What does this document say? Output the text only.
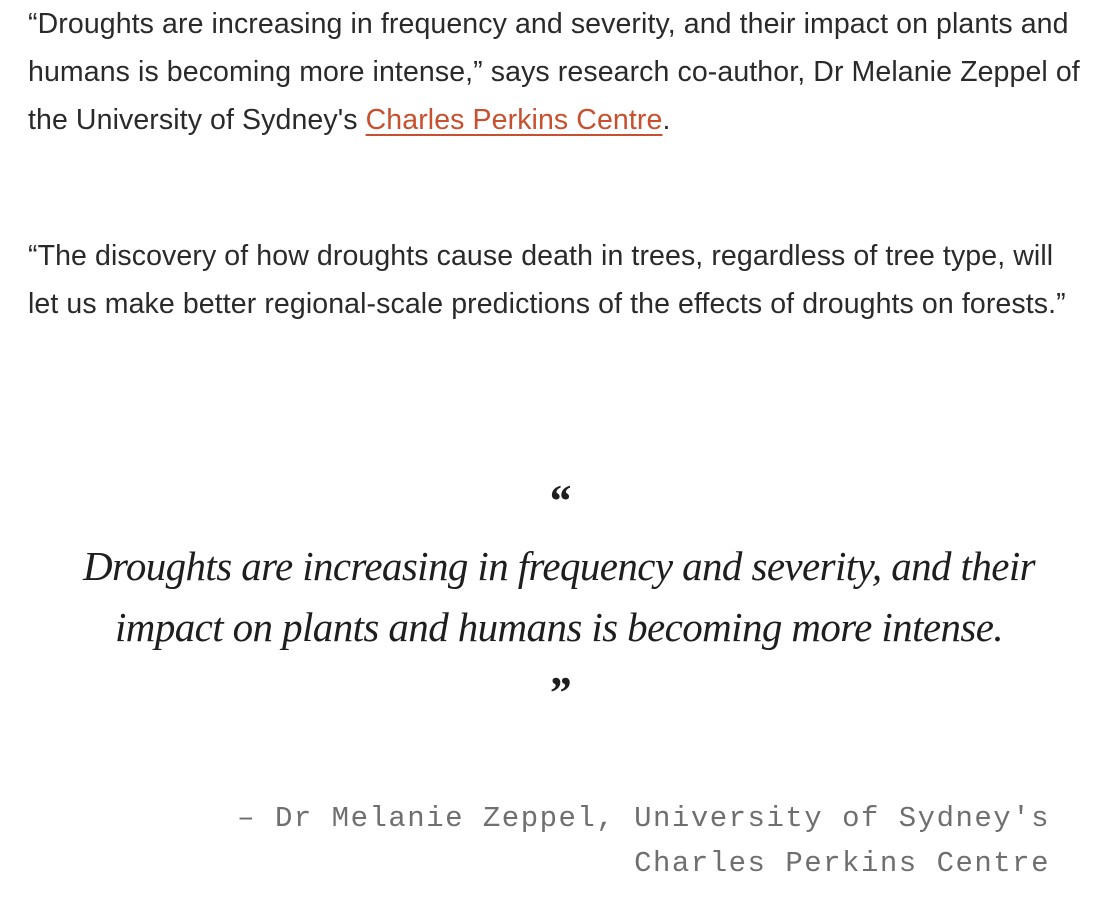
“Droughts are increasing in frequency and severity, and their impact on plants and humans is becoming more intense,” says research co-author, Dr Melanie Zeppel of the University of Sydney's Charles Perkins Centre.

“The discovery of how droughts cause death in trees, regardless of tree type, will let us make better regional-scale predictions of the effects of droughts on forests.”

“
Droughts are increasing in frequency and severity, and their impact on plants and humans is becoming more intense.
”
– Dr Melanie Zeppel, University of Sydney's
Charles Perkins Centre
